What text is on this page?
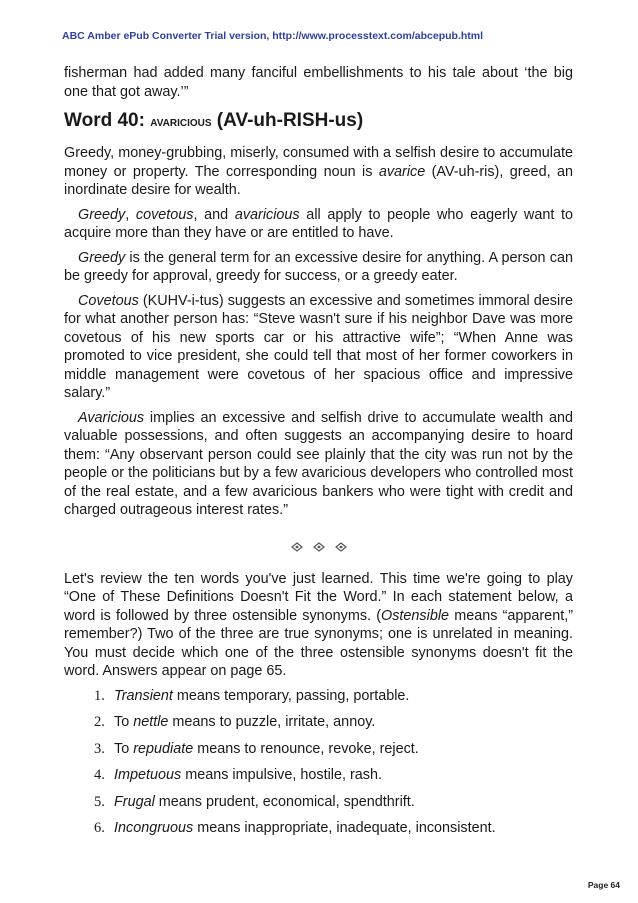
ABC Amber ePub Converter Trial version, http://www.processtext.com/abcepub.html

fisherman had added many fanciful embellishments to his tale about ‘the big one that got away.’”

Word 40: AVARICIOUS (AV-uh-RISH-us)

Greedy, money-grubbing, miserly, consumed with a selfish desire to accumulate money or property. The corresponding noun is avarice (AV-uh-ris), greed, an inordinate desire for wealth.

Greedy, covetous, and avaricious all apply to people who eagerly want to acquire more than they have or are entitled to have.

Greedy is the general term for an excessive desire for anything. A person can be greedy for approval, greedy for success, or a greedy eater.

Covetous (KUHV-i-tus) suggests an excessive and sometimes immoral desire for what another person has: “Steve wasn't sure if his neighbor Dave was more covetous of his new sports car or his attractive wife”; “When Anne was promoted to vice president, she could tell that most of her former coworkers in middle management were covetous of her spacious office and impressive salary.”

Avaricious implies an excessive and selfish drive to accumulate wealth and valuable possessions, and often suggests an accompanying desire to hoard them: “Any observant person could see plainly that the city was run not by the people or the politicians but by a few avaricious developers who controlled most of the real estate, and a few avaricious bankers who were tight with credit and charged outrageous interest rates.”

Let's review the ten words you've just learned. This time we're going to play “One of These Definitions Doesn't Fit the Word.” In each statement below, a word is followed by three ostensible synonyms. (Ostensible means “apparent,” remember?) Two of the three are true synonyms; one is unrelated in meaning. You must decide which one of the three ostensible synonyms doesn't fit the word. Answers appear on page 65.

1. Transient means temporary, passing, portable.
2. To nettle means to puzzle, irritate, annoy.
3. To repudiate means to renounce, revoke, reject.
4. Impetuous means impulsive, hostile, rash.
5. Frugal means prudent, economical, spendthrift.
6. Incongruous means inappropriate, inadequate, inconsistent.
Page 64
